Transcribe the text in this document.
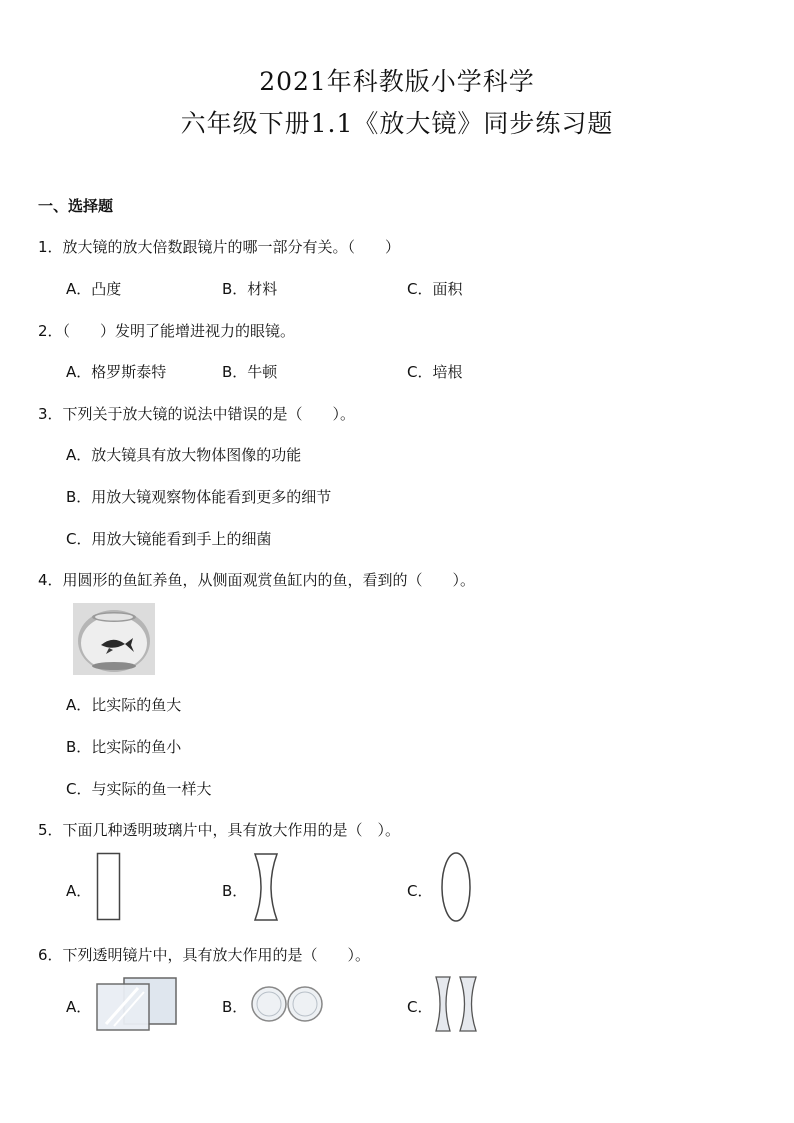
2021年科教版小学科学
六年级下册1.1《放大镜》同步练习题
一、选择题
1．放大镜的放大倍数跟镜片的哪一部分有关。（　　）
A．凸度	B．材料	C．面积
2．（　　）发明了能增进视力的眼镜。
A．格罗斯泰特	B．牛顿	C．培根
3．下列关于放大镜的说法中错误的是（　　）。
A．放大镜具有放大物体图像的功能
B．用放大镜观察物体能看到更多的细节
C．用放大镜能看到手上的细菌
4．用圆形的鱼缸养鱼，从侧面观赏鱼缸内的鱼，看到的（　　）。
A．比实际的鱼大
B．比实际的鱼小
C．与实际的鱼一样大
5．下面几种透明玻璃片中，具有放大作用的是（　）。
A．	B．	C．
6．下列透明镜片中，具有放大作用的是（　　）。
A．	B．	C．
